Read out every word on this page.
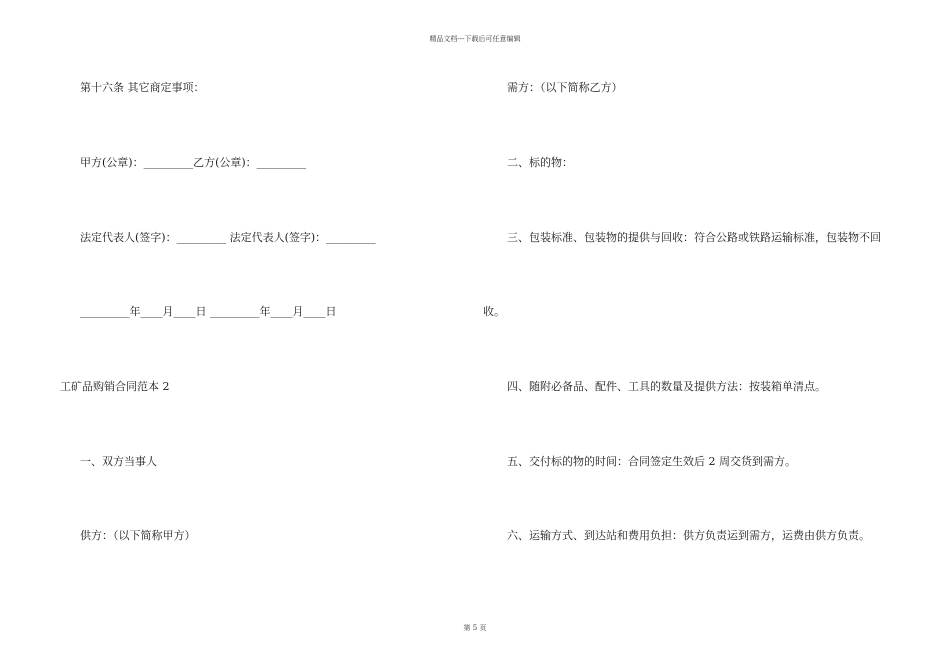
精品文档---下载后可任意编辑
第十六条 其它商定事项：
甲方(公章)：_________乙方(公章)：_________
法定代表人(签字)：_________ 法定代表人(签字)：_________
_________年____月____日 _________年____月____日
工矿品购销合同范本 2
一、双方当事人
供方：（以下简称甲方）
需方：（以下简称乙方）
二、标的物：
三、包装标准、包装物的提供与回收：符合公路或铁路运输标准，包装物不回
收。
四、随附必备品、配件、工具的数量及提供方法：按装箱单清点。
五、交付标的物的时间：合同签定生效后 2 周交货到需方。
六、运输方式、到达站和费用负担：供方负责运到需方，运费由供方负责。
第 5 页
